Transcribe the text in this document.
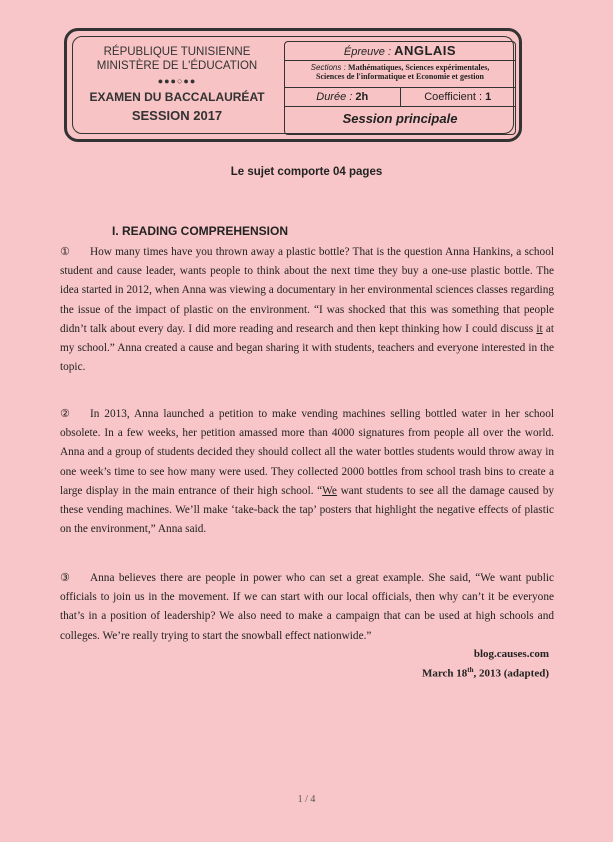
RÉPUBLIQUE TUNISIENNE
MINISTÈRE DE L'ÉDUCATION
●●●○●●
EXAMEN DU BACCALAURÉAT
SESSION 2017
Épreuve : ANGLAIS
Sections : Mathématiques, Sciences expérimentales,
Sciences de l'informatique et Economie et gestion
Durée : 2h	Coefficient : 1
Session principale
Le sujet comporte 04 pages
I. READING COMPREHENSION
① How many times have you thrown away a plastic bottle? That is the question Anna Hankins, a school student and cause leader, wants people to think about the next time they buy a one-use plastic bottle. The idea started in 2012, when Anna was viewing a documentary in her environmental sciences classes regarding the issue of the impact of plastic on the environment. “I was shocked that this was something that people didn’t talk about every day. I did more reading and research and then kept thinking how I could discuss it at my school.” Anna created a cause and began sharing it with students, teachers and everyone interested in the topic.
② In 2013, Anna launched a petition to make vending machines selling bottled water in her school obsolete. In a few weeks, her petition amassed more than 4000 signatures from people all over the world. Anna and a group of students decided they should collect all the water bottles students would throw away in one week’s time to see how many were used. They collected 2000 bottles from school trash bins to create a large display in the main entrance of their high school. “We want students to see all the damage caused by these vending machines. We’ll make ‘take-back the tap’ posters that highlight the negative effects of plastic on the environment,” Anna said.
③ Anna believes there are people in power who can set a great example. She said, “We want public officials to join us in the movement. If we can start with our local officials, then why can’t it be everyone that’s in a position of leadership? We also need to make a campaign that can be used at high schools and colleges. We’re really trying to start the snowball effect nationwide.”
blog.causes.com
March 18th, 2013 (adapted)
1 / 4
